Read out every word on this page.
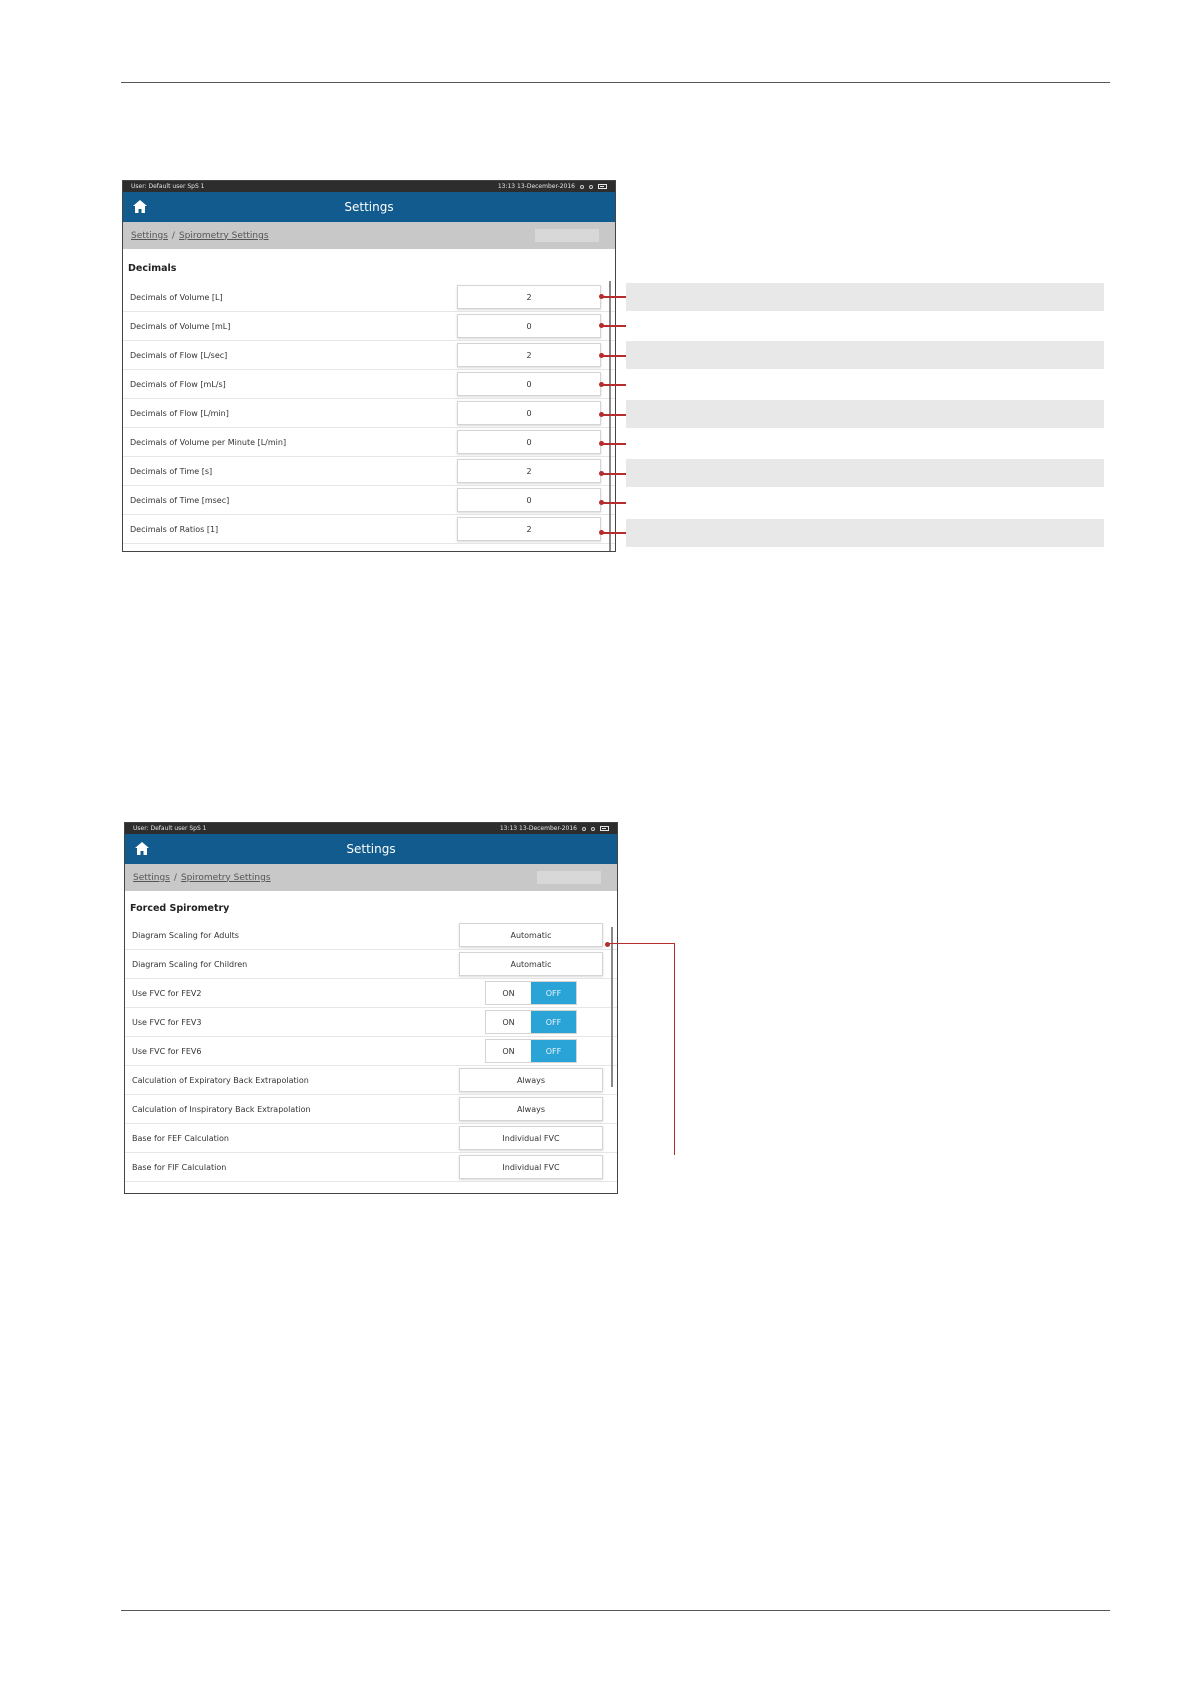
User: Default user SpS 1	13:13 13-December-2016
Settings
Settings / Spirometry Settings
Decimals
Decimals of Volume [L]	2
Decimals of Volume [mL]	0
Decimals of Flow [L/sec]	2
Decimals of Flow [mL/s]	0
Decimals of Flow [L/min]	0
Decimals of Volume per Minute [L/min]	0
Decimals of Time [s]	2
Decimals of Time [msec]	0
Decimals of Ratios [1]	2
User: Default user SpS 1	13:13 13-December-2016
Settings
Settings / Spirometry Settings
Forced Spirometry
Diagram Scaling for Adults	Automatic
Diagram Scaling for Children	Automatic
Use FVC for FEV2	ON	OFF
Use FVC for FEV3	ON	OFF
Use FVC for FEV6	ON	OFF
Calculation of Expiratory Back Extrapolation	Always
Calculation of Inspiratory Back Extrapolation	Always
Base for FEF Calculation	Individual FVC
Base for FIF Calculation	Individual FVC
